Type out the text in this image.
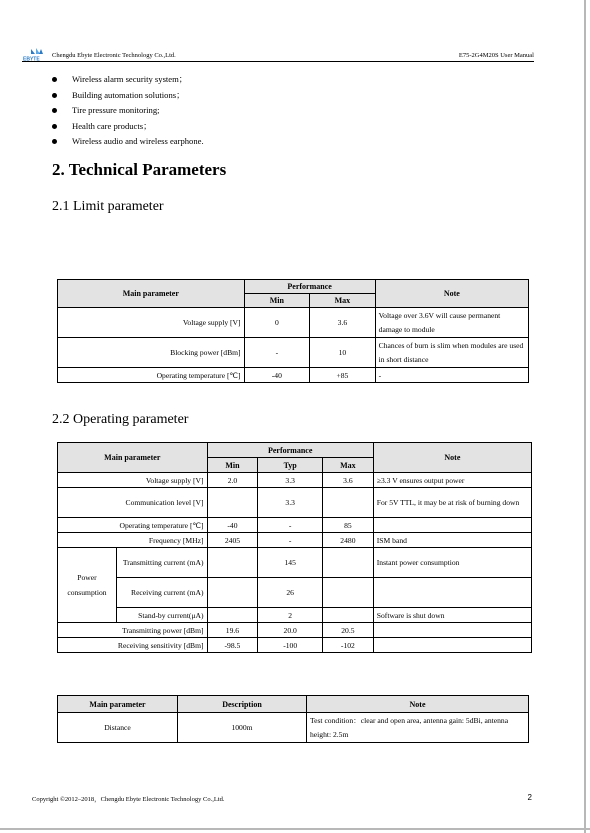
EBYTE
Chengdu Ebyte Electronic Technology Co.,Ltd.	E75-2G4M20S User Manual
Wireless alarm security system；
Building automation solutions；
Tire pressure monitoring;
Health care products；
Wireless audio and wireless earphone.
2. Technical Parameters
2.1 Limit parameter
Main parameter	Performance		Note
	Min	Max	
Voltage supply [V]	0	3.6	Voltage over 3.6V will cause permanent damage to module
Blocking power [dBm]	-	10	Chances of burn is slim when modules are used in short distance
Operating temperature [℃]	-40	+85	-
2.2 Operating parameter
Main parameter		Performance			Note
		Min	Typ	Max	
Voltage supply [V]		2.0	3.3	3.6	≥3.3 V ensures output power
Communication level [V]			3.3		For 5V TTL, it may be at risk of burning down
Operating temperature [℃]		-40	-	85	
Frequency [MHz]		2405	-	2480	ISM band
Power consumption	Transmitting current (mA)		145		Instant power consumption
	Receiving current (mA)		26		
	Stand-by current(μA)		2		Software is shut down
Transmitting power [dBm]		19.6	20.0	20.5	
Receiving sensitivity [dBm]		-98.5	-100	-102	
Main parameter	Description	Note
Distance	1000m	Test condition：clear and open area, antenna gain: 5dBi, antenna height: 2.5m
Copyright ©2012–2018，Chengdu Ebyte Electronic Technology Co.,Ltd.	2
